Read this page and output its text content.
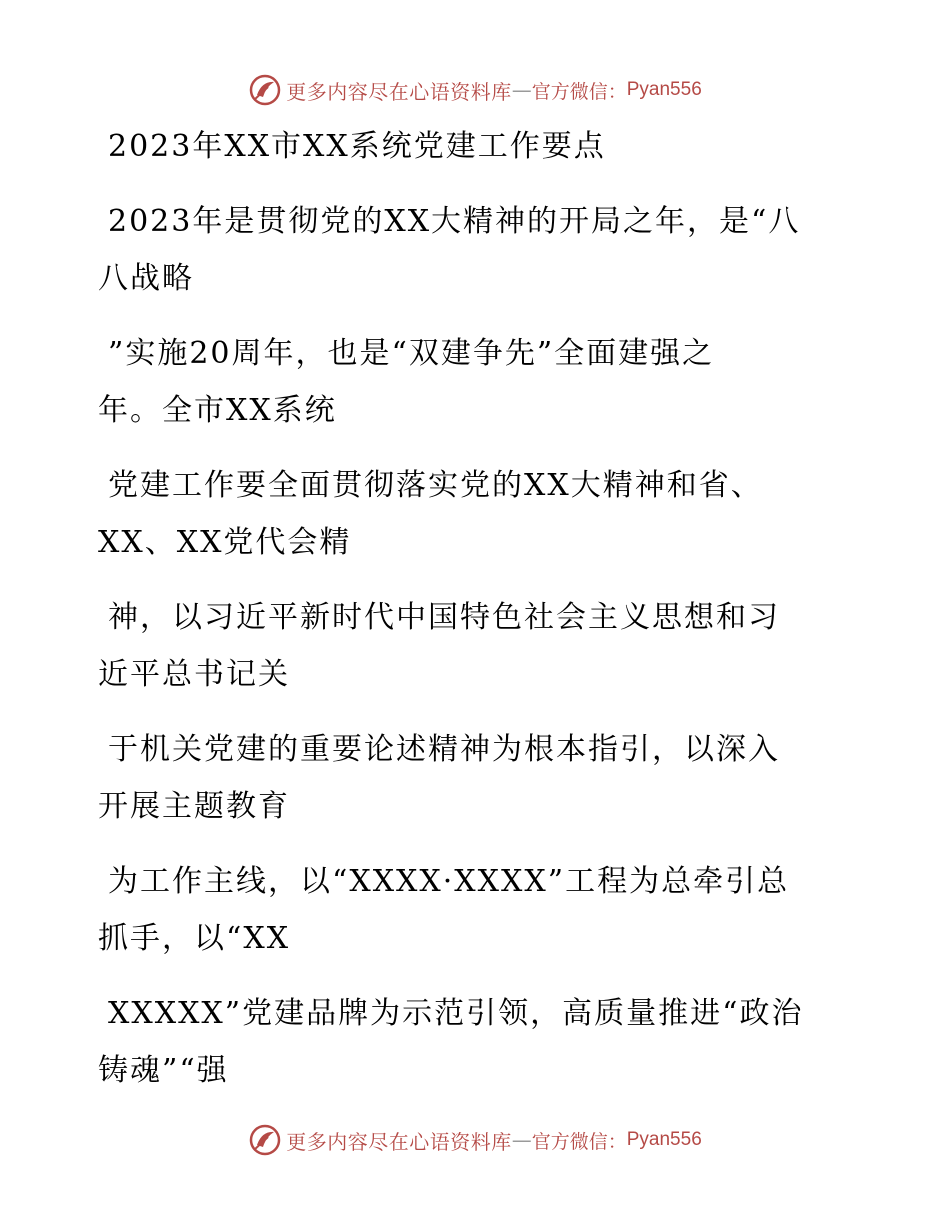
更多内容尽在心语资料库 — 官方微信： Pyan556
2023年XX市XX系统党建工作要点
2023年是贯彻党的XX大精神的开局之年，是“八
八战略
”实施20周年，也是“双建争先”全面建强之
年。全市XX系统
党建工作要全面贯彻落实党的XX大精神和省、
XX、XX党代会精
神，以习近平新时代中国特色社会主义思想和习
近平总书记关
于机关党建的重要论述精神为根本指引，以深入
开展主题教育
为工作主线，以“XXXX·XXXX”工程为总牵引总
抓手，以“XX
XXXXX”党建品牌为示范引领，高质量推进“政治
铸魂”“强
更多内容尽在心语资料库 — 官方微信： Pyan556
